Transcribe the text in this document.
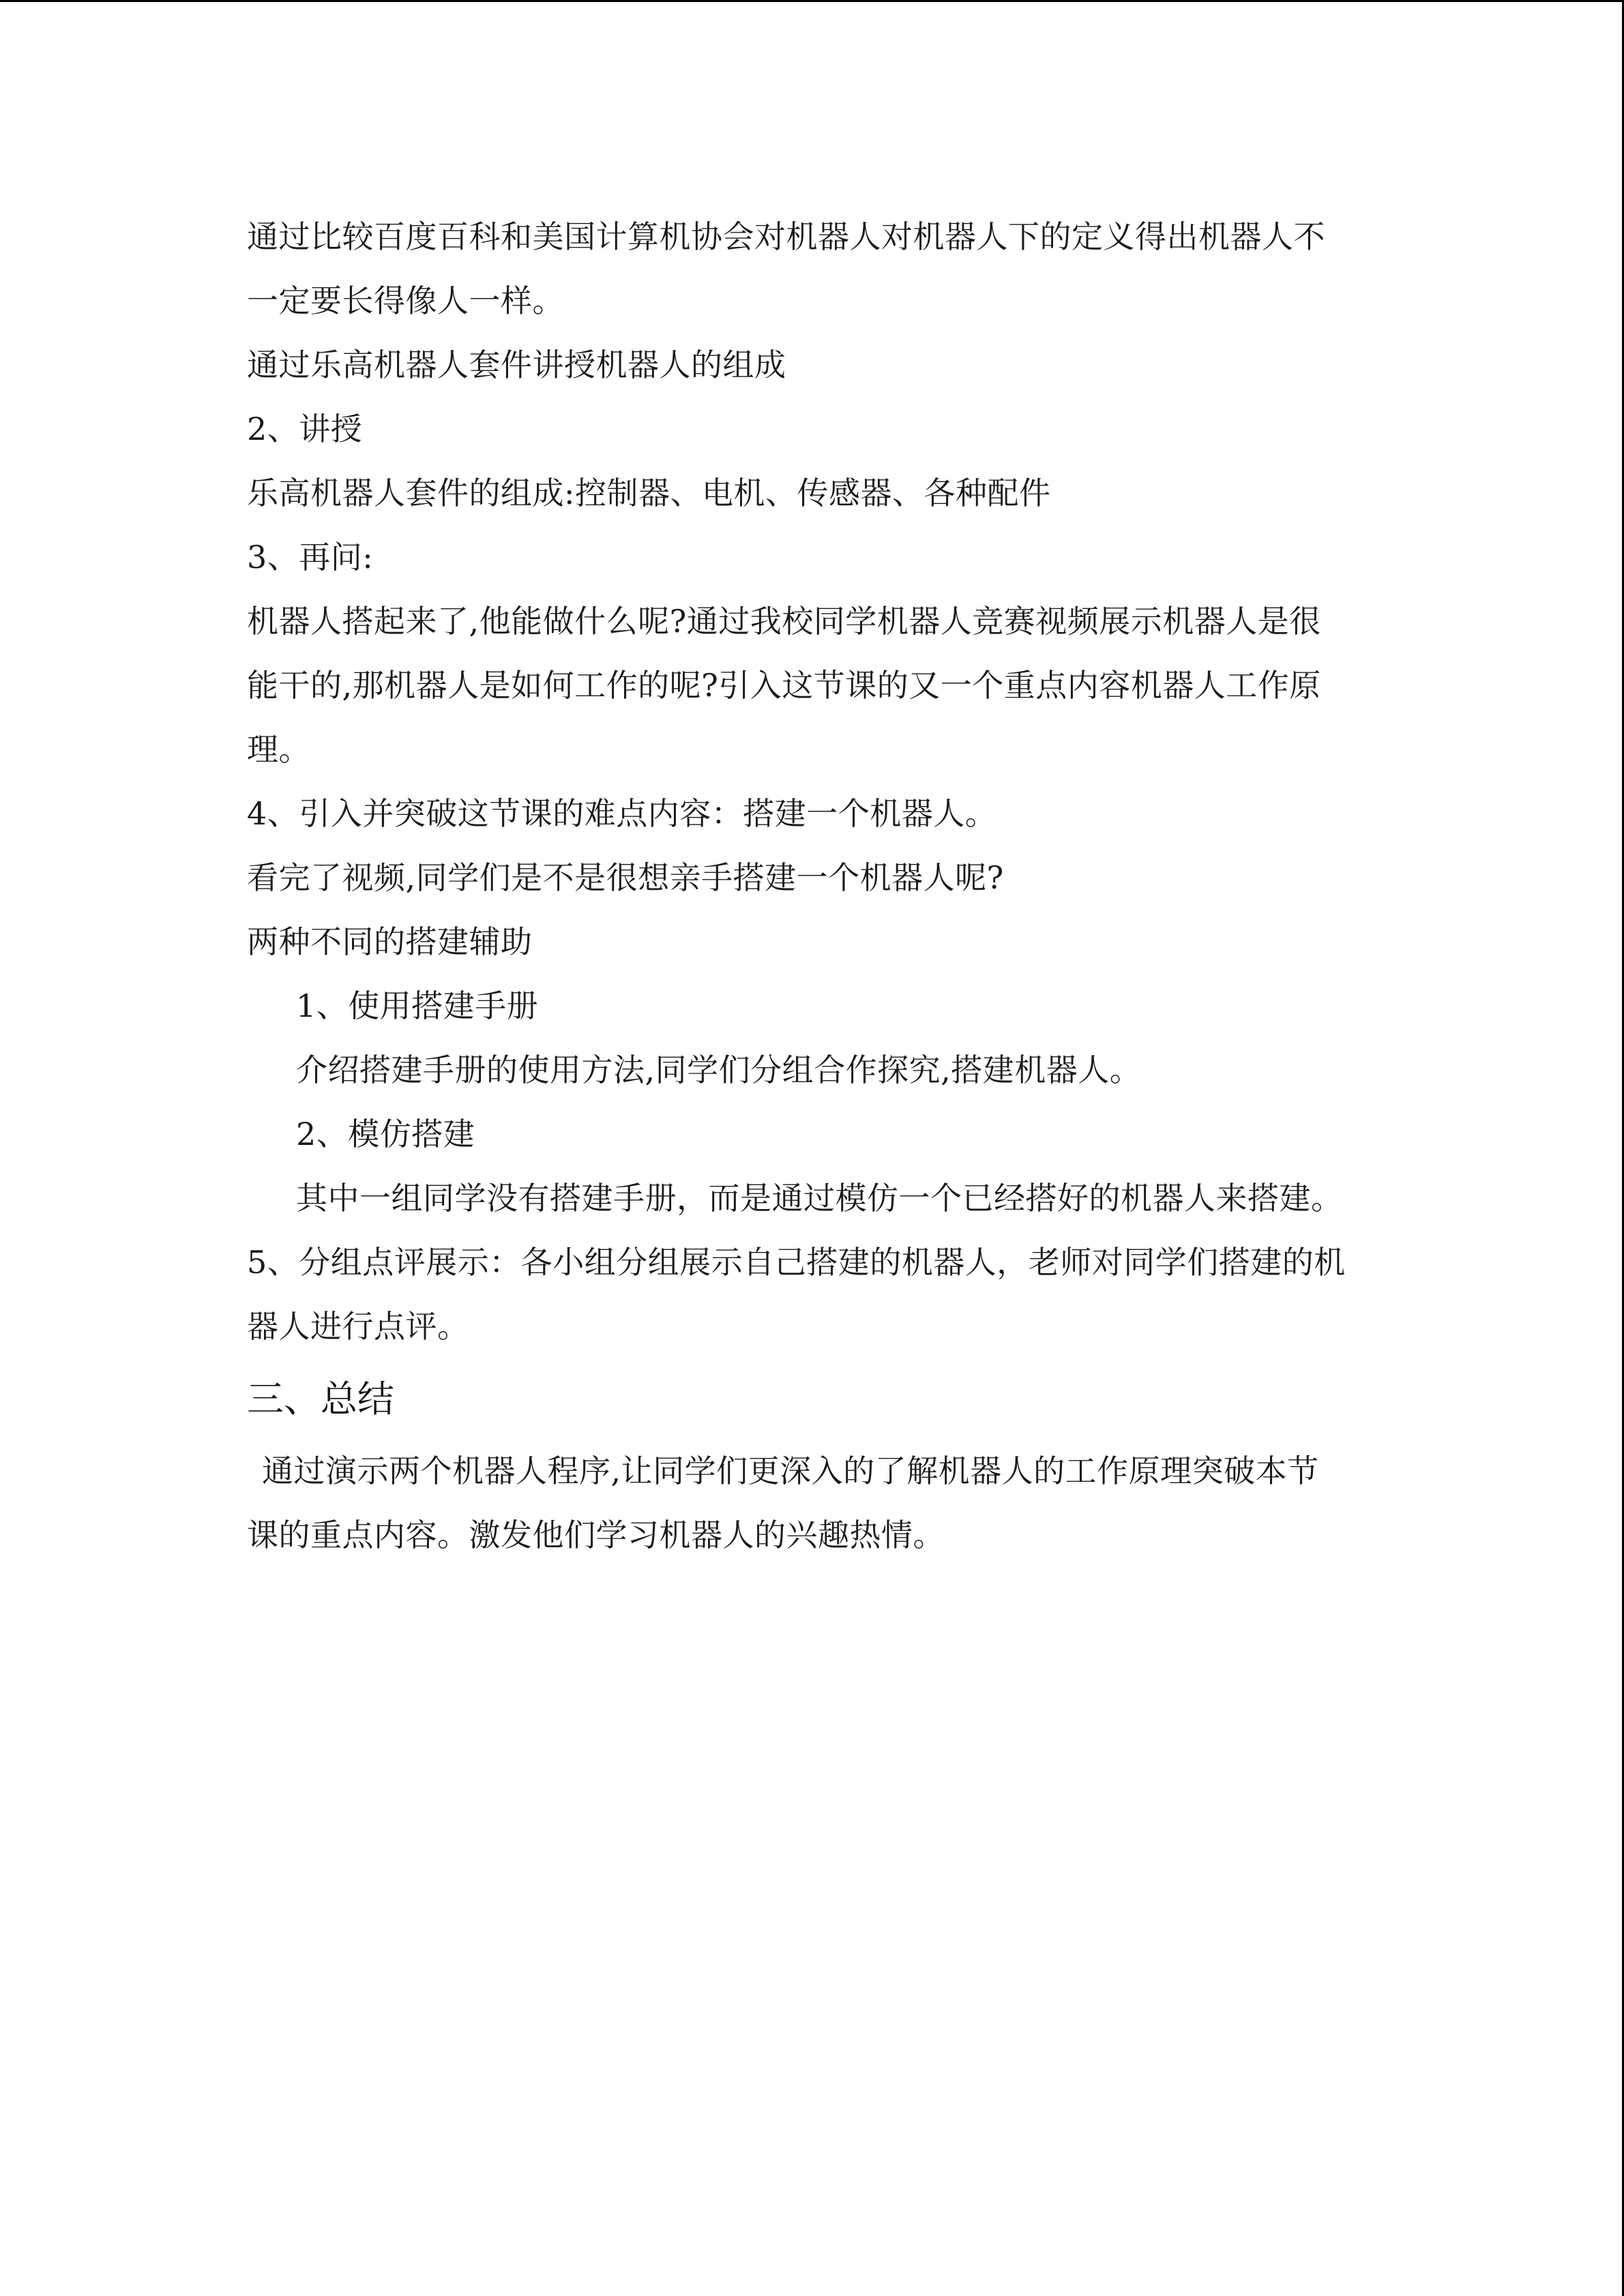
通过比较百度百科和美国计算机协会对机器人对机器人下的定义得出机器人不
一定要长得像人一样。
通过乐高机器人套件讲授机器人的组成
2、讲授
乐高机器人套件的组成:控制器、电机、传感器、各种配件
3、再问:
机器人搭起来了,他能做什么呢?通过我校同学机器人竞赛视频展示机器人是很
能干的,那机器人是如何工作的呢?引入这节课的又一个重点内容机器人工作原
理。
4、引入并突破这节课的难点内容：搭建一个机器人。
看完了视频,同学们是不是很想亲手搭建一个机器人呢?
两种不同的搭建辅助
1、使用搭建手册
介绍搭建手册的使用方法,同学们分组合作探究,搭建机器人。
2、模仿搭建
其中一组同学没有搭建手册，而是通过模仿一个已经搭好的机器人来搭建。
5、分组点评展示：各小组分组展示自己搭建的机器人，老师对同学们搭建的机
器人进行点评。
三、总结
通过演示两个机器人程序,让同学们更深入的了解机器人的工作原理突破本节
课的重点内容。激发他们学习机器人的兴趣热情。
